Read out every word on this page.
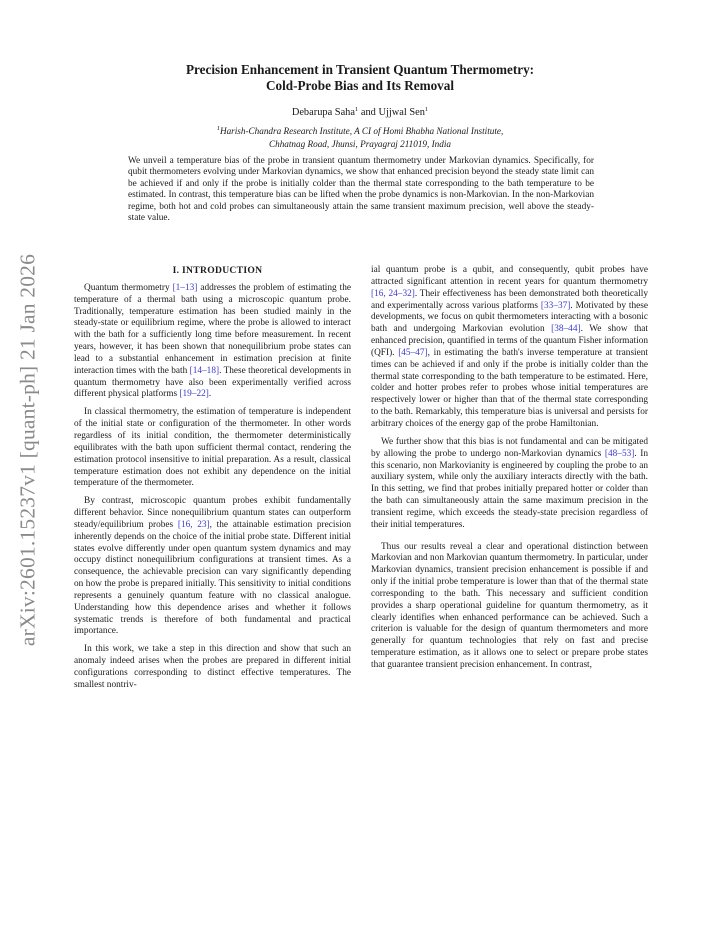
arXiv:2601.15237v1 [quant-ph] 21 Jan 2026
Precision Enhancement in Transient Quantum Thermometry:
Cold-Probe Bias and Its Removal
Debarupa Saha$^1$ and Ujjwal Sen$^1$
$^1$Harish-Chandra Research Institute, A CI of Homi Bhabha National Institute,
Chhatnag Road, Jhunsi, Prayagraj 211019, India
We unveil a temperature bias of the probe in transient quantum thermometry under Markovian dynamics. Specifically, for qubit thermometers evolving under Markovian dynamics, we show that enhanced precision beyond the steady state limit can be achieved if and only if the probe is initially colder than the thermal state corresponding to the bath temperature to be estimated. In contrast, this temperature bias can be lifted when the probe dynamics is non-Markovian. In the non-Markovian regime, both hot and cold probes can simultaneously attain the same transient maximum precision, well above the steady-state value.

I. INTRODUCTION

Quantum thermometry [1–13] addresses the problem of estimating the temperature of a thermal bath using a microscopic quantum probe. Traditionally, temperature estimation has been studied mainly in the steady-state or equilibrium regime, where the probe is allowed to interact with the bath for a sufficiently long time before measurement. In recent years, however, it has been shown that nonequilibrium probe states can lead to a substantial enhancement in estimation precision at finite interaction times with the bath [14–18]. These theoretical developments in quantum thermometry have also been experimentally verified across different physical platforms [19–22].

In classical thermometry, the estimation of temperature is independent of the initial state or configuration of the thermometer. In other words regardless of its initial condition, the thermometer deterministically equilibrates with the bath upon sufficient thermal contact, rendering the estimation protocol insensitive to initial preparation. As a result, classical temperature estimation does not exhibit any dependence on the initial temperature of the thermometer.

By contrast, microscopic quantum probes exhibit fundamentally different behavior. Since nonequilibrium quantum states can outperform steady/equilibrium probes [16, 23], the attainable estimation precision inherently depends on the choice of the initial probe state. Different initial states evolve differently under open quantum system dynamics and may occupy distinct nonequilibrium configurations at transient times. As a consequence, the achievable precision can vary significantly depending on how the probe is prepared initially. This sensitivity to initial conditions represents a genuinely quantum feature with no classical analogue. Understanding how this dependence arises and whether it follows systematic trends is therefore of both fundamental and practical importance.

In this work, we take a step in this direction and show that such an anomaly indeed arises when the probes are prepared in different initial configurations corresponding to distinct effective temperatures. The smallest nontriv-

ial quantum probe is a qubit, and consequently, qubit probes have attracted significant attention in recent years for quantum thermometry [16, 24–32]. Their effectiveness has been demonstrated both theoretically and experimentally across various platforms [33–37]. Motivated by these developments, we focus on qubit thermometers interacting with a bosonic bath and undergoing Markovian evolution [38–44]. We show that enhanced precision, quantified in terms of the quantum Fisher information (QFI). [45–47], in estimating the bath's inverse temperature at transient times can be achieved if and only if the probe is initially colder than the thermal state corresponding to the bath temperature to be estimated. Here, colder and hotter probes refer to probes whose initial temperatures are respectively lower or higher than that of the thermal state corresponding to the bath. Remarkably, this temperature bias is universal and persists for arbitrary choices of the energy gap of the probe Hamiltonian.

We further show that this bias is not fundamental and can be mitigated by allowing the probe to undergo non-Markovian dynamics [48–53]. In this scenario, non Markovianity is engineered by coupling the probe to an auxiliary system, while only the auxiliary interacts directly with the bath. In this setting, we find that probes initially prepared hotter or colder than the bath can simultaneously attain the same maximum precision in the transient regime, which exceeds the steady-state precision regardless of their initial temperatures.

Thus our results reveal a clear and operational distinction between Markovian and non Markovian quantum thermometry. In particular, under Markovian dynamics, transient precision enhancement is possible if and only if the initial probe temperature is lower than that of the thermal state corresponding to the bath. This necessary and sufficient condition provides a sharp operational guideline for quantum thermometry, as it clearly identifies when enhanced performance can be achieved. Such a criterion is valuable for the design of quantum thermometers and more generally for quantum technologies that rely on fast and precise temperature estimation, as it allows one to select or prepare probe states that guarantee transient precision enhancement. In contrast,
